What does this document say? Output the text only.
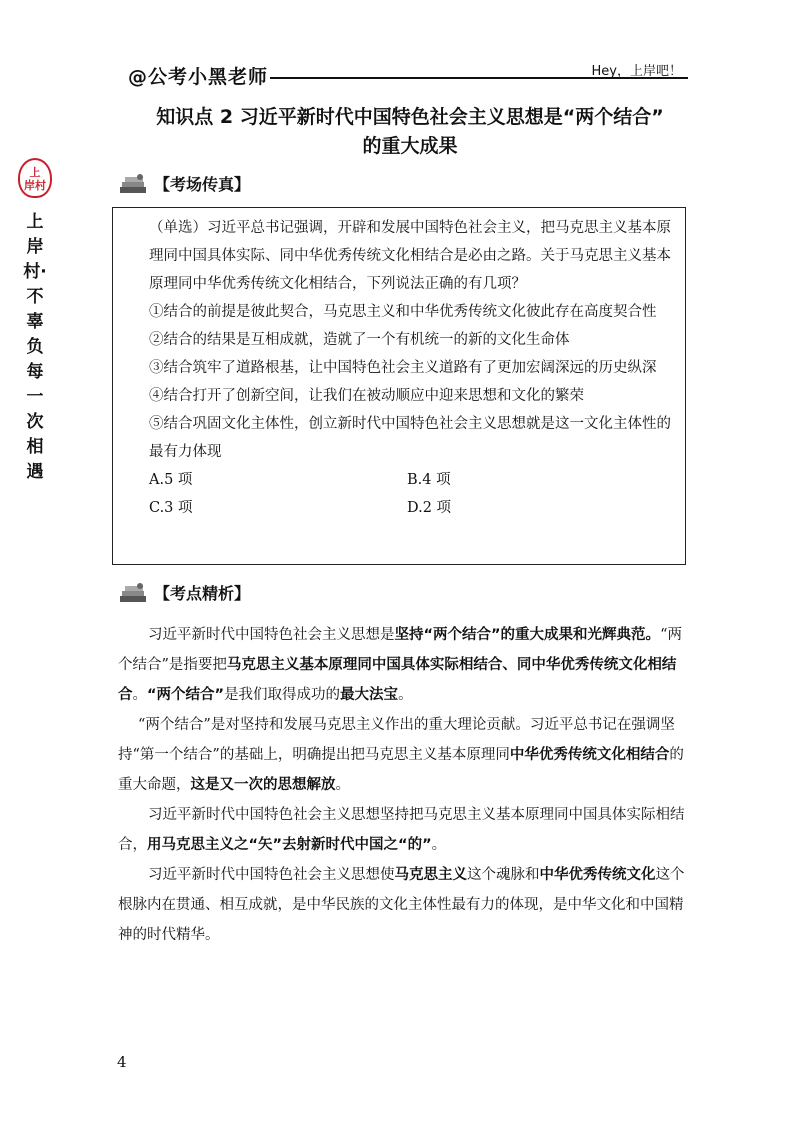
@公考小黑老师	Hey，上岸吧！
知识点 2 习近平新时代中国特色社会主义思想是“两个结合”
的重大成果
上
岸村
上岸村·不辜负每一次相遇
【考场传真】

（单选）习近平总书记强调，开辟和发展中国特色社会主义，把马克思主义基本原理同中国具体实际、同中华优秀传统文化相结合是必由之路。关于马克思主义基本原理同中华优秀传统文化相结合，下列说法正确的有几项？

①结合的前提是彼此契合，马克思主义和中华优秀传统文化彼此存在高度契合性

②结合的结果是互相成就，造就了一个有机统一的新的文化生命体

③结合筑牢了道路根基，让中国特色社会主义道路有了更加宏阔深远的历史纵深

④结合打开了创新空间，让我们在被动顺应中迎来思想和文化的繁荣

⑤结合巩固文化主体性，创立新时代中国特色社会主义思想就是这一文化主体性的最有力体现

A.5 项	B.4 项
C.3 项	D.2 项
【考点精析】

习近平新时代中国特色社会主义思想是坚持“两个结合”的重大成果和光辉典范。“两个结合”是指要把马克思主义基本原理同中国具体实际相结合、同中华优秀传统文化相结合。“两个结合”是我们取得成功的最大法宝。

“两个结合”是对坚持和发展马克思主义作出的重大理论贡献。习近平总书记在强调坚持“第一个结合”的基础上，明确提出把马克思主义基本原理同中华优秀传统文化相结合的重大命题，这是又一次的思想解放。

习近平新时代中国特色社会主义思想坚持把马克思主义基本原理同中国具体实际相结合，用马克思主义之“矢”去射新时代中国之“的”。

习近平新时代中国特色社会主义思想使马克思主义这个魂脉和中华优秀传统文化这个根脉内在贯通、相互成就，是中华民族的文化主体性最有力的体现，是中华文化和中国精神的时代精华。

4
